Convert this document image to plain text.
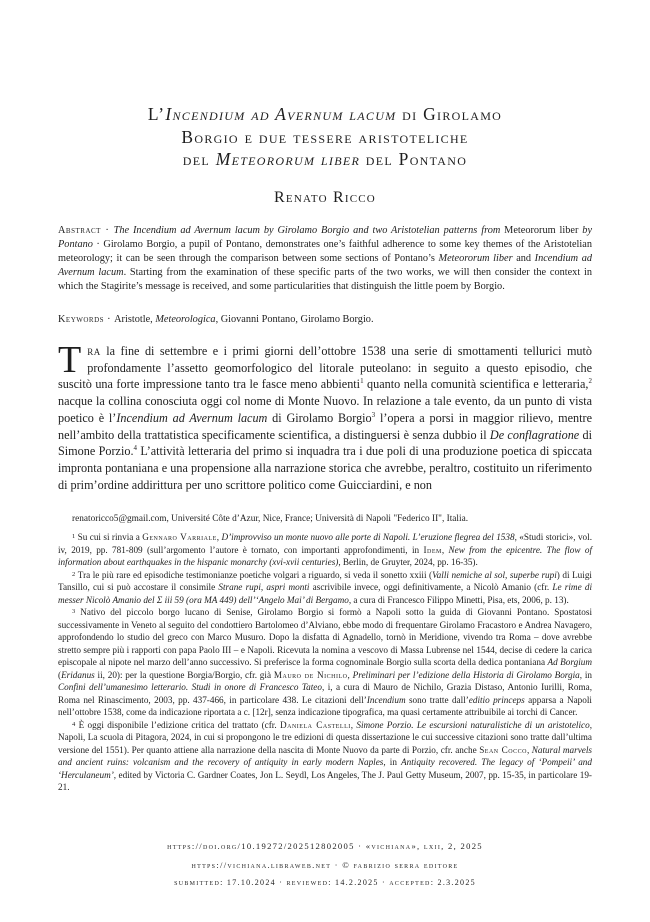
L’Incendium ad Avernum lacum di Girolamo
Borgio e due tessere aristoteliche
del Meteororum liber del Pontano
Renato Ricco
Abstract · The Incendium ad Avernum lacum by Girolamo Borgio and two Aristotelian patterns from Meteororum liber by Pontano · Girolamo Borgio, a pupil of Pontano, demonstrates one’s faithful adherence to some key themes of the Aristotelian meteorology; it can be seen through the comparison between some sections of Pontano’s Meteororum liber and Incendium ad Avernum lacum. Starting from the examination of these specific parts of the two works, we will then consider the context in which the Stagirite’s message is received, and some particularities that distinguish the little poem by Borgio.
Keywords · Aristotle, Meteorologica, Giovanni Pontano, Girolamo Borgio.
Tra la fine di settembre e i primi giorni dell’ottobre 1538 una serie di smottamenti tellurici mutò profondamente l’assetto geomorfologico del litorale puteolano: in seguito a questo episodio, che suscitò una forte impressione tanto tra le fasce meno abbienti$^1$ quanto nella comunità scientifica e letteraria,$^2$ nacque la collina conosciuta oggi col nome di Monte Nuovo. In relazione a tale evento, da un punto di vista poetico è l’Incendium ad Avernum lacum di Girolamo Borgio$^3$ l’opera a porsi in maggior rilievo, mentre nell’ambito della trattatistica specificamente scientifica, a distinguersi è senza dubbio il De conflagratione di Simone Porzio.$^4$ L’attività letteraria del primo si inquadra tra i due poli di una produzione poetica di spiccata impronta pontaniana e una propensione alla narrazione storica che avrebbe, peraltro, costituito un riferimento di prim’ordine addirittura per uno scrittore politico come Guicciardini, e non
renatoricco5@gmail.com, Université Côte d’Azur, Nice, France; Università di Napoli "Federico II", Italia.

$^1$ Su cui si rinvia a Gennaro Varriale, D’improvviso un monte nuovo alle porte di Napoli. L’eruzione flegrea del 1538, «Studi storici», vol. iv, 2019, pp. 781-809 (sull’argomento l’autore è tornato, con importanti approfondimenti, in Idem, New from the epicentre. The flow of information about earthquakes in the hispanic monarchy (xvi-xvii centuries), Berlin, de Gruyter, 2024, pp. 16-35).

$^2$ Tra le più rare ed episodiche testimonianze poetiche volgari a riguardo, si veda il sonetto xxiii (Valli nemiche al sol, superbe rupi) di Luigi Tansillo, cui si può accostare il consimile Strane rupi, aspri monti ascrivibile invece, oggi definitivamente, a Nicolò Amanio (cfr. Le rime di messer Nicolò Amanio del Σ iii 59 (ora MA 449) dell’‘Angelo Mai’ di Bergamo, a cura di Francesco Filippo Minetti, Pisa, ets, 2006, p. 13).

$^3$ Nativo del piccolo borgo lucano di Senise, Girolamo Borgio si formò a Napoli sotto la guida di Giovanni Pontano. Spostatosi successivamente in Veneto al seguito del condottiero Bartolomeo d’Alviano, ebbe modo di frequentare Girolamo Fracastoro e Andrea Navagero, approfondendo lo studio del greco con Marco Musuro. Dopo la disfatta di Agnadello, tornò in Meridione, vivendo tra Roma – dove avrebbe stretto sempre più i rapporti con papa Paolo III – e Napoli. Ricevuta la nomina a vescovo di Massa Lubrense nel 1544, decise di cedere la carica episcopale al nipote nel marzo dell’anno successivo. Si preferisce la forma cognominale Borgio sulla scorta della dedica pontaniana Ad Borgium (Eridanus ii, 20): per la questione Borgia/Borgio, cfr. già Mauro de Nichilo, Preliminari per l’edizione della Historia di Girolamo Borgia, in Confini dell’umanesimo letterario. Studi in onore di Francesco Tateo, i, a cura di Mauro de Nichilo, Grazia Distaso, Antonio Iurilli, Roma, Roma nel Rinascimento, 2003, pp. 437-466, in particolare 438. Le citazioni dell’Incendium sono tratte dall’editio princeps apparsa a Napoli nell’ottobre 1538, come da indicazione riportata a c. [12r], senza indicazione tipografica, ma quasi certamente attribuibile ai torchi di Cancer.

$^4$ È oggi disponibile l’edizione critica del trattato (cfr. Daniela Castelli, Simone Porzio. Le escursioni naturalistiche di un aristotelico, Napoli, La scuola di Pitagora, 2024, in cui si propongono le tre edizioni di questa dissertazione le cui successive citazioni sono tratte dall’ultima versione del 1551). Per quanto attiene alla narrazione della nascita di Monte Nuovo da parte di Porzio, cfr. anche Sean Cocco, Natural marvels and ancient ruins: volcanism and the recovery of antiquity in early modern Naples, in Antiquity recovered. The legacy of ‘Pompeii’ and ‘Herculaneum’, edited by Victoria C. Gardner Coates, Jon L. Seydl, Los Angeles, The J. Paul Getty Museum, 2007, pp. 15-35, in particolare 19-21.

https://doi.org/10.19272/202512802005 · «vichiana», lxii, 2, 2025
https://vichiana.libraweb.net · © fabrizio serra editore
submitted: 17.10.2024 · reviewed: 14.2.2025 · accepted: 2.3.2025
